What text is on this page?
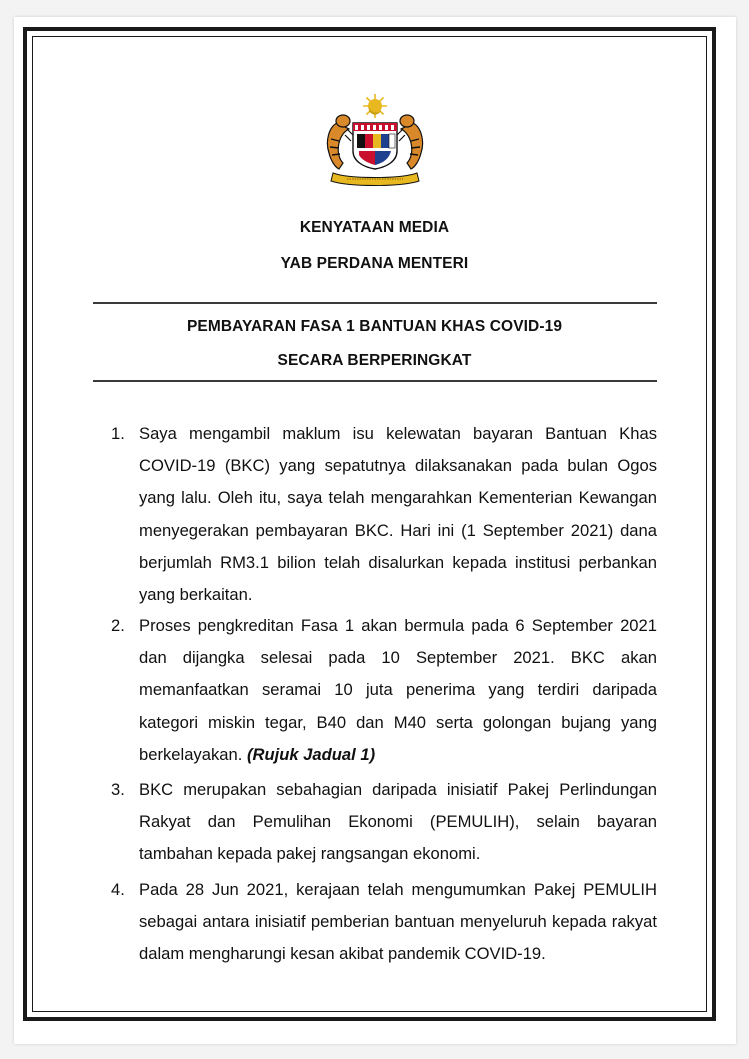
KENYATAAN MEDIA
YAB PERDANA MENTERI
PEMBAYARAN FASA 1 BANTUAN KHAS COVID-19
SECARA BERPERINGKAT
1. Saya mengambil maklum isu kelewatan bayaran Bantuan Khas COVID-19 (BKC) yang sepatutnya dilaksanakan pada bulan Ogos yang lalu. Oleh itu, saya telah mengarahkan Kementerian Kewangan menyegerakan pembayaran BKC. Hari ini (1 September 2021) dana berjumlah RM3.1 bilion telah disalurkan kepada institusi perbankan yang berkaitan.
2. Proses pengkreditan Fasa 1 akan bermula pada 6 September 2021 dan dijangka selesai pada 10 September 2021. BKC akan memanfaatkan seramai 10 juta penerima yang terdiri daripada kategori miskin tegar, B40 dan M40 serta golongan bujang yang berkelayakan. (Rujuk Jadual 1)
3. BKC merupakan sebahagian daripada inisiatif Pakej Perlindungan Rakyat dan Pemulihan Ekonomi (PEMULIH), selain bayaran tambahan kepada pakej rangsangan ekonomi.
4. Pada 28 Jun 2021, kerajaan telah mengumumkan Pakej PEMULIH sebagai antara inisiatif pemberian bantuan menyeluruh kepada rakyat dalam mengharungi kesan akibat pandemik COVID-19.
